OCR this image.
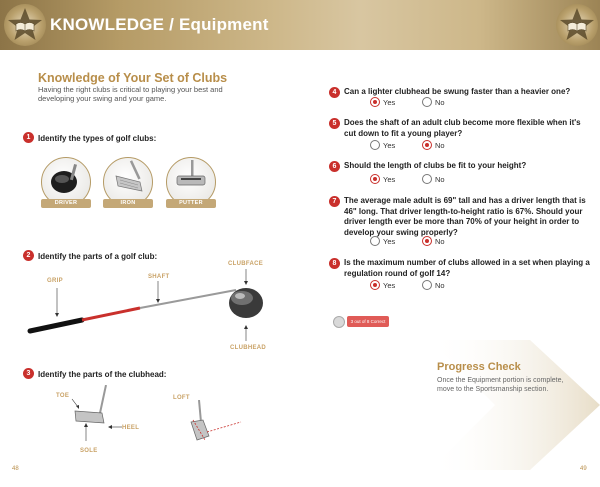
KNOWLEDGE / Equipment
Knowledge of Your Set of Clubs
Having the right clubs is critical to playing your best and developing your swing and your game.
1 Identify the types of golf clubs:
DRIVER	IRON	PUTTER
2 Identify the parts of a golf club:
CLUBFACE
GRIP
SHAFT
CLUBHEAD
3 Identify the parts of the clubhead:
TOE
HEEL
SOLE
LOFT
48
4 Can a lighter clubhead be swung faster than a heavier one?
Yes	No
5 Does the shaft of an adult club become more flexible when it's
cut down to fit a young player?
Yes	No
6 Should the length of clubs be fit to your height?
Yes	No
7 The average male adult is 69" tall and has a driver length that is
46" long. That driver length-to-height ratio is 67%. Should your
driver length ever be more than 70% of your height in order to
develop your swing properly?
Yes	No
8 Is the maximum number of clubs allowed in a set when playing a
regulation round of golf 14?
Yes	No
3 out of 8 Correct
Progress Check
Once the Equipment portion is complete, move to the Sportsmanship section.
49
